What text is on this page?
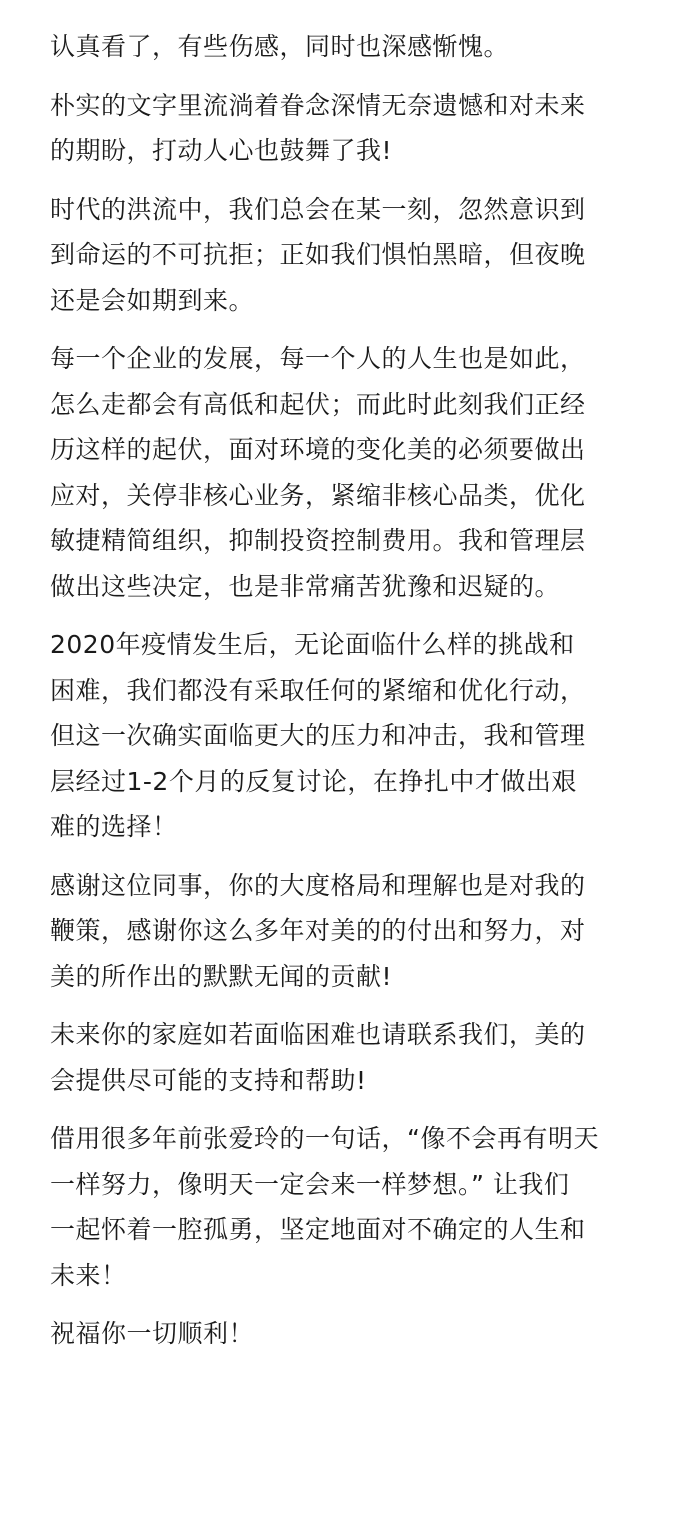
认真看了，有些伤感，同时也深感惭愧。

朴实的文字里流淌着眷念深情无奈遗憾和对未来
的期盼，打动人心也鼓舞了我!

时代的洪流中，我们总会在某一刻，忽然意识到
到命运的不可抗拒；正如我们惧怕黑暗，但夜晚
还是会如期到来。

每一个企业的发展，每一个人的人生也是如此，
怎么走都会有高低和起伏；而此时此刻我们正经
历这样的起伏，面对环境的变化美的必须要做出
应对，关停非核心业务，紧缩非核心品类，优化
敏捷精简组织，抑制投资控制费用。我和管理层
做出这些决定，也是非常痛苦犹豫和迟疑的。

2020年疫情发生后，无论面临什么样的挑战和
困难，我们都没有采取任何的紧缩和优化行动，
但这一次确实面临更大的压力和冲击，我和管理
层经过1-2个月的反复讨论，在挣扎中才做出艰
难的选择！

感谢这位同事，你的大度格局和理解也是对我的
鞭策，感谢你这么多年对美的的付出和努力，对
美的所作出的默默无闻的贡献!

未来你的家庭如若面临困难也请联系我们，美的
会提供尽可能的支持和帮助!

借用很多年前张爱玲的一句话，“像不会再有明天
一样努力，像明天一定会来一样梦想。” 让我们
一起怀着一腔孤勇，坚定地面对不确定的人生和
未来！

祝福你一切顺利！
